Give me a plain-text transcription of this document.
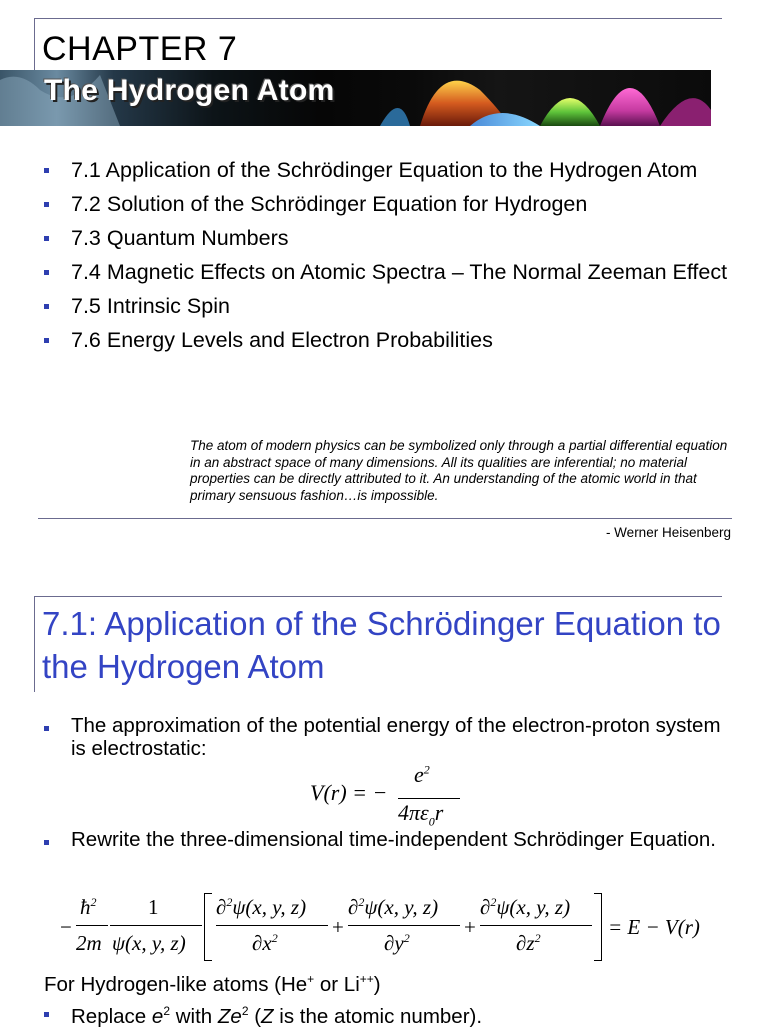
CHAPTER 7
The Hydrogen Atom
7.1 Application of the Schrödinger Equation to the Hydrogen Atom
7.2 Solution of the Schrödinger Equation for Hydrogen
7.3 Quantum Numbers
7.4 Magnetic Effects on Atomic Spectra – The Normal Zeeman Effect
7.5 Intrinsic Spin
7.6 Energy Levels and Electron Probabilities
The atom of modern physics can be symbolized only through a partial differential equation in an abstract space of many dimensions. All its qualities are inferential; no material properties can be directly attributed to it. An understanding of the atomic world in that primary sensuous fashion…is impossible.
- Werner Heisenberg
7.1: Application of the Schrödinger Equation to the Hydrogen Atom
The approximation of the potential energy of the electron-proton system is electrostatic:
V(r) = −
$e^2$
$4\pi\varepsilon_0r$
Rewrite the three-dimensional time-independent Schrödinger Equation.
−
$ħ^2$
2m
1
ψ(x, y, z)
∂$^2$ψ(x, y, z)
$\partial x^2$	+
∂$^2$ψ(x, y, z)
$\partial y^2$	+
∂$^2$ψ(x, y, z)
$\partial z^2$	= E − V(r)
For Hydrogen-like atoms (He+ or Li++)
Replace $e^2$ with Ze$^2$ (Z is the atomic number).
